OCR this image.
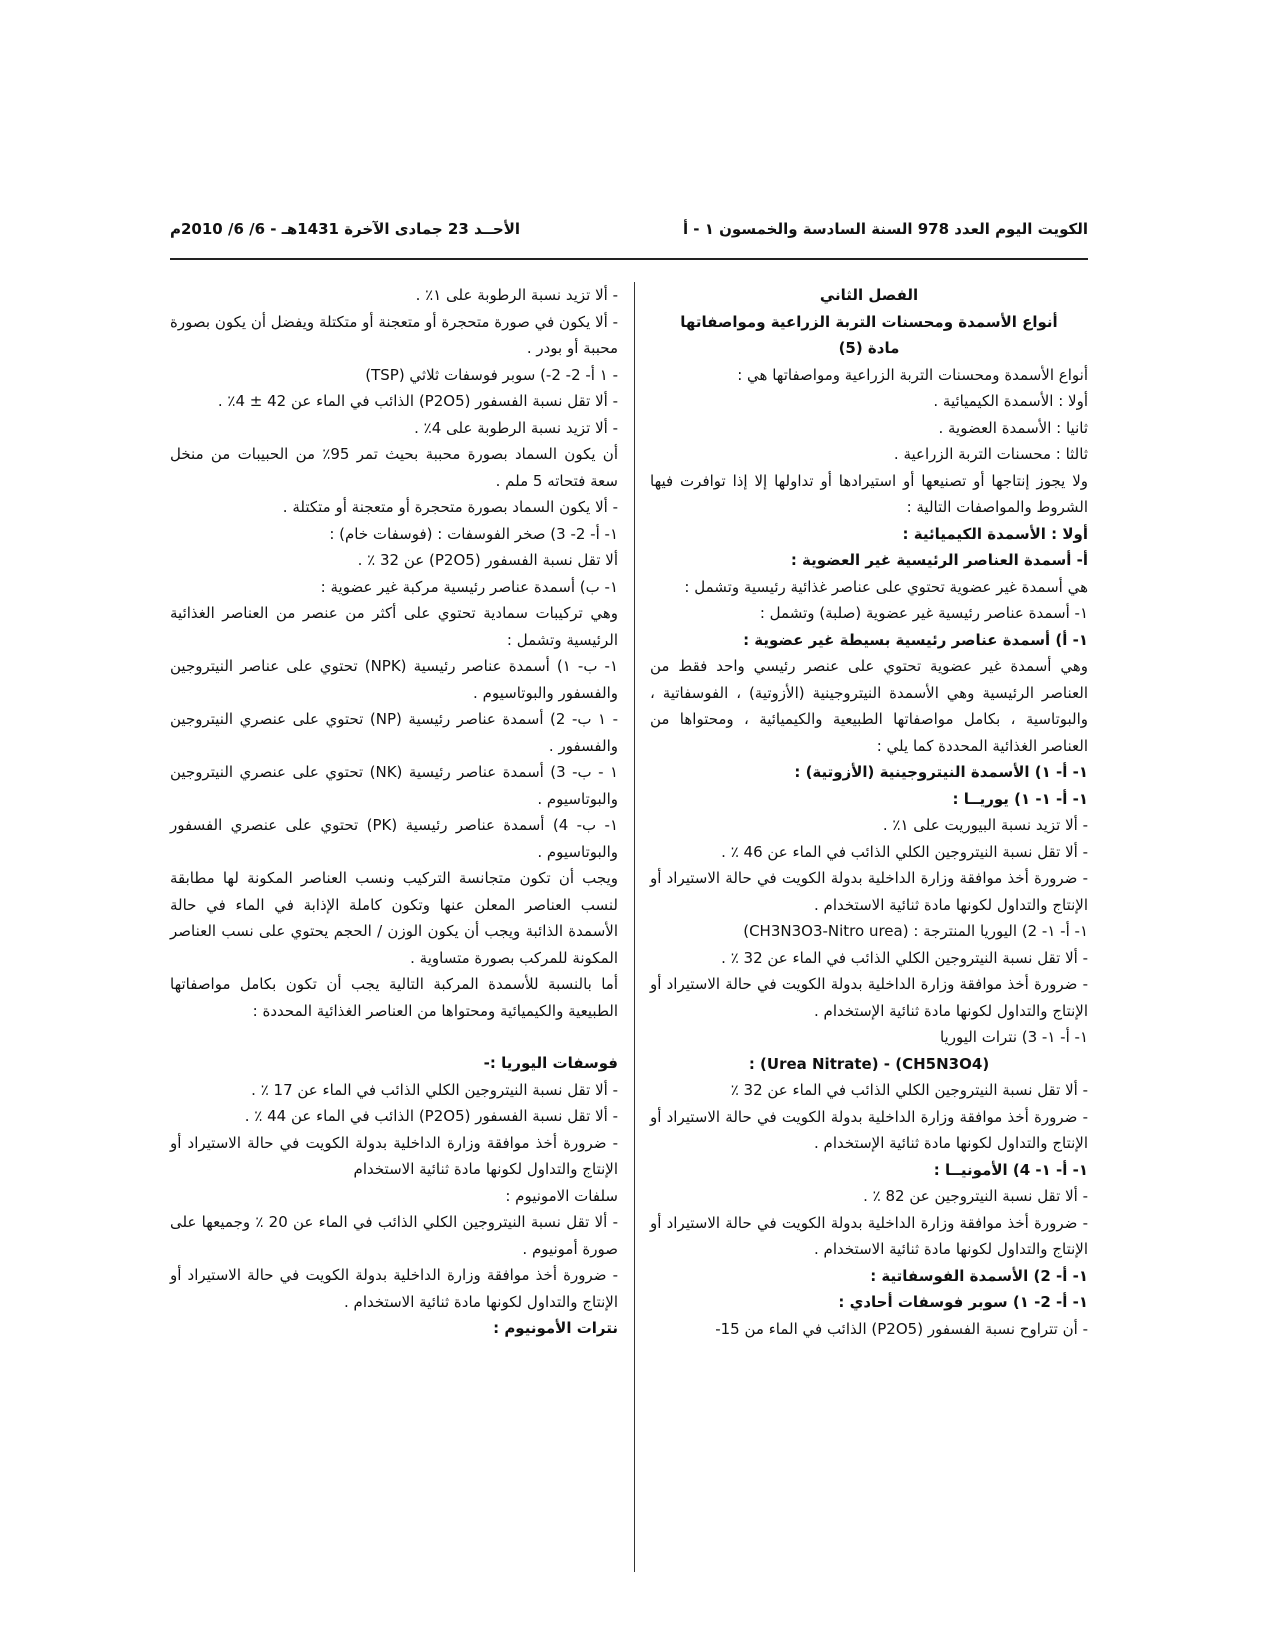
الكويت اليوم العدد 978 السنة السادسة والخمسون ١ - أ
الأحــد 23 جمادى الآخرة 1431هـ - 6/ 6/ 2010م

الفصل الثاني

أنواع الأسمدة ومحسنات التربة الزراعية ومواصفاتها

مادة (5)

أنواع الأسمدة ومحسنات التربة الزراعية ومواصفاتها هي :

أولا : الأسمدة الكيميائية .

ثانيا : الأسمدة العضوية .

ثالثا : محسنات التربة الزراعية .

ولا يجوز إنتاجها أو تصنيعها أو استيرادها أو تداولها إلا إذا توافرت فيها الشروط والمواصفات التالية :

أولا : الأسمدة الكيميائية :

أ- أسمدة العناصر الرئيسية غير العضوية :

هي أسمدة غير عضوية تحتوي على عناصر غذائية رئيسية وتشمل :

١- أسمدة عناصر رئيسية غير عضوية (صلبة) وتشمل :

١- أ) أسمدة عناصر رئيسية بسيطة غير عضوية :

وهي أسمدة غير عضوية تحتوي على عنصر رئيسي واحد فقط من العناصر الرئيسية وهي الأسمدة النيتروجينية (الأزوتية) ، الفوسفاتية ، والبوتاسية ، بكامل مواصفاتها الطبيعية والكيميائية ، ومحتواها من العناصر الغذائية المحددة كما يلي :

١- أ- ١) الأسمدة النيتروجينية (الأزوتية) :

١- أ- ١- ١) يوريــا :

- ألا تزيد نسبة البيوريت على ١٪ .

- ألا تقل نسبة النيتروجين الكلي الذائب في الماء عن 46 ٪ .

- ضرورة أخذ موافقة وزارة الداخلية بدولة الكويت في حالة الاستيراد أو الإنتاج والتداول لكونها مادة ثنائية الاستخدام .

١- أ- ١- 2) اليوريا المنترجة : (CH3N3O3-Nitro urea)

- ألا تقل نسبة النيتروجين الكلي الذائب في الماء عن 32 ٪ .

- ضرورة أخذ موافقة وزارة الداخلية بدولة الكويت في حالة الاستيراد أو الإنتاج والتداول لكونها مادة ثنائية الإستخدام .

١- أ- ١- 3) نترات اليوريا

(CH5N3O4) - (Urea Nitrate) :

- ألا تقل نسبة النيتروجين الكلي الذائب في الماء عن 32 ٪

- ضرورة أخذ موافقة وزارة الداخلية بدولة الكويت في حالة الاستيراد أو الإنتاج والتداول لكونها مادة ثنائية الإستخدام .

١- أ- ١- 4) الأمونيــا :

- ألا تقل نسبة النيتروجين عن 82 ٪ .

- ضرورة أخذ موافقة وزارة الداخلية بدولة الكويت في حالة الاستيراد أو الإنتاج والتداول لكونها مادة ثنائية الاستخدام .

١- أ- 2) الأسمدة الفوسفاتية :

١- أ- 2- ١) سوبر فوسفات أحادي :

- أن تتراوح نسبة الفسفور (P2O5) الذائب في الماء من 15-

- ألا تزيد نسبة الرطوبة على ١٪ .

- ألا يكون في صورة متحجرة أو متعجنة أو متكتلة ويفضل أن يكون بصورة محببة أو بودر .

- ١ أ- 2- 2-) سوبر فوسفات ثلاثي (TSP)

- ألا تقل نسبة الفسفور (P2O5) الذائب في الماء عن 42 ± 4٪ .

- ألا تزيد نسبة الرطوبة على 4٪ .

أن يكون السماد بصورة محببة بحيث تمر 95٪ من الحبيبات من منخل سعة فتحاته 5 ملم .

- ألا يكون السماد بصورة متحجرة أو متعجنة أو متكتلة .

١- أ- 2- 3) صخر الفوسفات : (فوسفات خام) :

ألا تقل نسبة الفسفور (P2O5) عن 32 ٪ .

١- ب) أسمدة عناصر رئيسية مركبة غير عضوية :

وهي تركيبات سمادية تحتوي على أكثر من عنصر من العناصر الغذائية الرئيسية وتشمل :

١- ب- ١) أسمدة عناصر رئيسية (NPK) تحتوي على عناصر النيتروجين والفسفور والبوتاسيوم .

- ١ ب- 2) أسمدة عناصر رئيسية (NP) تحتوي على عنصري النيتروجين والفسفور .

١ - ب- 3) أسمدة عناصر رئيسية (NK) تحتوي على عنصري النيتروجين والبوتاسيوم .

١- ب- 4) أسمدة عناصر رئيسية (PK) تحتوي على عنصري الفسفور والبوتاسيوم .

ويجب أن تكون متجانسة التركيب ونسب العناصر المكونة لها مطابقة لنسب العناصر المعلن عنها وتكون كاملة الإذابة في الماء في حالة الأسمدة الذائبة ويجب أن يكون الوزن / الحجم يحتوي على نسب العناصر المكونة للمركب بصورة متساوية .

أما بالنسبة للأسمدة المركبة التالية يجب أن تكون بكامل مواصفاتها الطبيعية والكيميائية ومحتواها من العناصر الغذائية المحددة :

فوسفات اليوريا :-

- ألا تقل نسبة النيتروجين الكلي الذائب في الماء عن 17 ٪ .

- ألا تقل نسبة الفسفور (P2O5) الذائب في الماء عن 44 ٪ .

- ضرورة أخذ موافقة وزارة الداخلية بدولة الكويت في حالة الاستيراد أو الإنتاج والتداول لكونها مادة ثنائية الاستخدام

سلفات الامونيوم :

- ألا تقل نسبة النيتروجين الكلي الذائب في الماء عن 20 ٪ وجميعها على صورة أمونيوم .

- ضرورة أخذ موافقة وزارة الداخلية بدولة الكويت في حالة الاستيراد أو الإنتاج والتداول لكونها مادة ثنائية الاستخدام .

نترات الأمونيوم :
